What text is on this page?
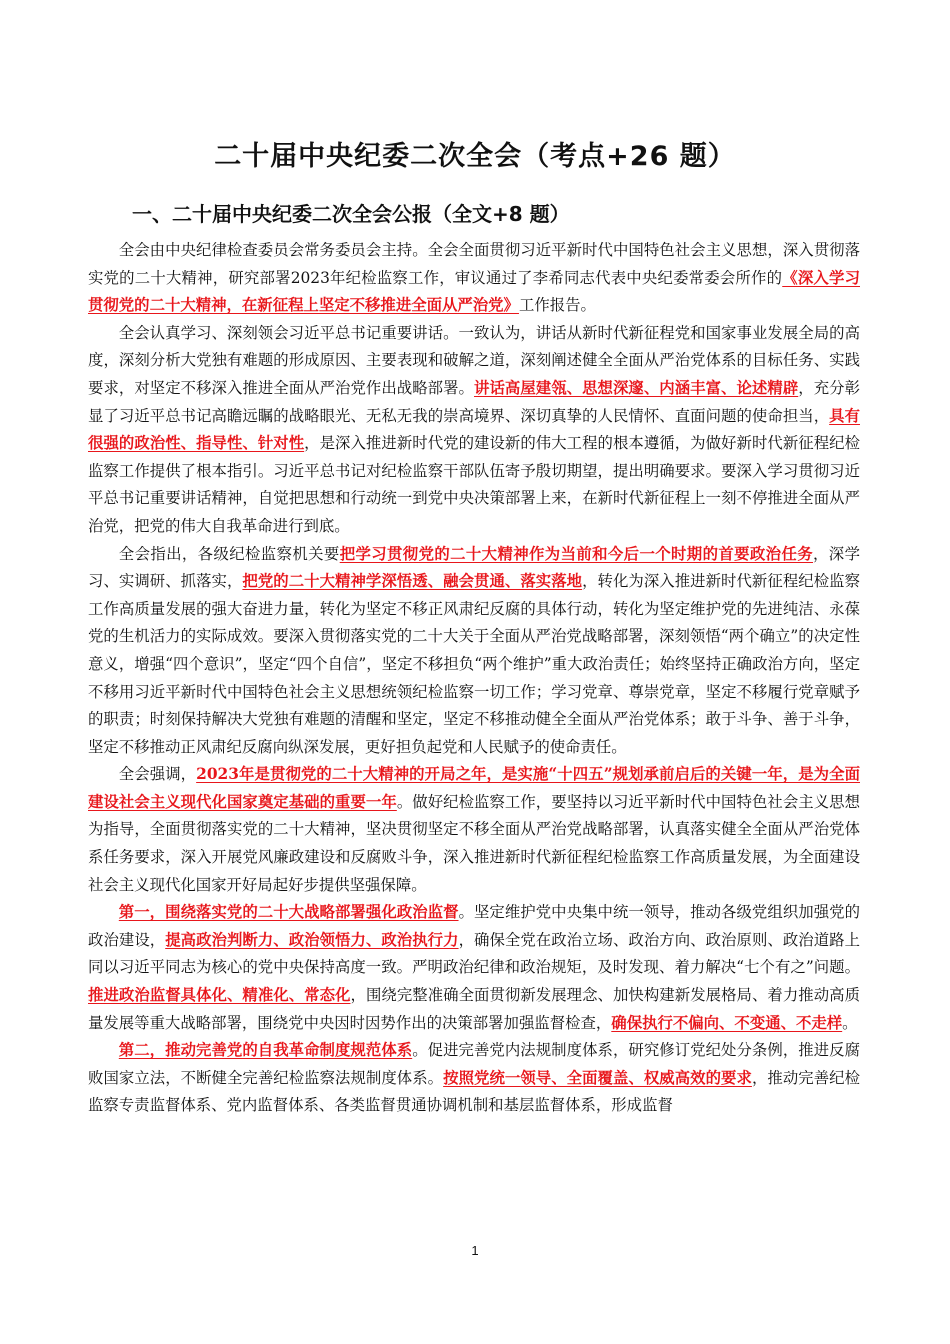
二十届中央纪委二次全会（考点+26 题）
一、二十届中央纪委二次全会公报（全文+8 题）

全会由中央纪律检查委员会常务委员会主持。全会全面贯彻习近平新时代中国特色社会主义思想，深入贯彻落实党的二十大精神，研究部署2023年纪检监察工作，审议通过了李希同志代表中央纪委常委会所作的《深入学习贯彻党的二十大精神，在新征程上坚定不移推进全面从严治党》工作报告。

全会认真学习、深刻领会习近平总书记重要讲话。一致认为，讲话从新时代新征程党和国家事业发展全局的高度，深刻分析大党独有难题的形成原因、主要表现和破解之道，深刻阐述健全全面从严治党体系的目标任务、实践要求，对坚定不移深入推进全面从严治党作出战略部署。讲话高屋建瓴、思想深邃、内涵丰富、论述精辟，充分彰显了习近平总书记高瞻远瞩的战略眼光、无私无我的崇高境界、深切真挚的人民情怀、直面问题的使命担当，具有很强的政治性、指导性、针对性，是深入推进新时代党的建设新的伟大工程的根本遵循，为做好新时代新征程纪检监察工作提供了根本指引。习近平总书记对纪检监察干部队伍寄予殷切期望，提出明确要求。要深入学习贯彻习近平总书记重要讲话精神，自觉把思想和行动统一到党中央决策部署上来，在新时代新征程上一刻不停推进全面从严治党，把党的伟大自我革命进行到底。

全会指出，各级纪检监察机关要把学习贯彻党的二十大精神作为当前和今后一个时期的首要政治任务，深学习、实调研、抓落实，把党的二十大精神学深悟透、融会贯通、落实落地，转化为深入推进新时代新征程纪检监察工作高质量发展的强大奋进力量，转化为坚定不移正风肃纪反腐的具体行动，转化为坚定维护党的先进纯洁、永葆党的生机活力的实际成效。要深入贯彻落实党的二十大关于全面从严治党战略部署，深刻领悟“两个确立”的决定性意义，增强“四个意识”，坚定“四个自信”，坚定不移担负“两个维护”重大政治责任；始终坚持正确政治方向，坚定不移用习近平新时代中国特色社会主义思想统领纪检监察一切工作；学习党章、尊崇党章，坚定不移履行党章赋予的职责；时刻保持解决大党独有难题的清醒和坚定，坚定不移推动健全全面从严治党体系；敢于斗争、善于斗争，坚定不移推动正风肃纪反腐向纵深发展，更好担负起党和人民赋予的使命责任。

全会强调，2023年是贯彻党的二十大精神的开局之年，是实施“十四五”规划承前启后的关键一年，是为全面建设社会主义现代化国家奠定基础的重要一年。做好纪检监察工作，要坚持以习近平新时代中国特色社会主义思想为指导，全面贯彻落实党的二十大精神，坚决贯彻坚定不移全面从严治党战略部署，认真落实健全全面从严治党体系任务要求，深入开展党风廉政建设和反腐败斗争，深入推进新时代新征程纪检监察工作高质量发展，为全面建设社会主义现代化国家开好局起好步提供坚强保障。

第一，围绕落实党的二十大战略部署强化政治监督。坚定维护党中央集中统一领导，推动各级党组织加强党的政治建设，提高政治判断力、政治领悟力、政治执行力，确保全党在政治立场、政治方向、政治原则、政治道路上同以习近平同志为核心的党中央保持高度一致。严明政治纪律和政治规矩，及时发现、着力解决“七个有之”问题。推进政治监督具体化、精准化、常态化，围绕完整准确全面贯彻新发展理念、加快构建新发展格局、着力推动高质量发展等重大战略部署，围绕党中央因时因势作出的决策部署加强监督检查，确保执行不偏向、不变通、不走样。

第二，推动完善党的自我革命制度规范体系。促进完善党内法规制度体系，研究修订党纪处分条例，推进反腐败国家立法，不断健全完善纪检监察法规制度体系。按照党统一领导、全面覆盖、权威高效的要求，推动完善纪检监察专责监督体系、党内监督体系、各类监督贯通协调机制和基层监督体系，形成监督

1
